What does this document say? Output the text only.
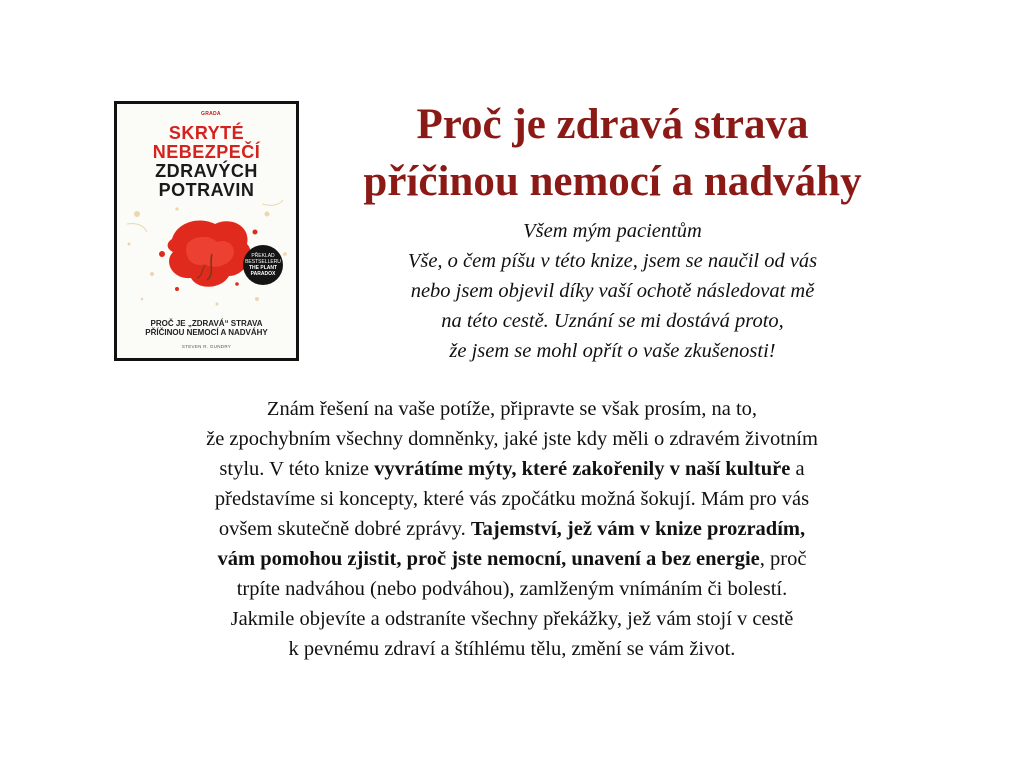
GRADA
SKRYTÉ
NEBEZPEČÍ
ZDRAVÝCH
POTRAVIN
PŘEKLAD
BESTSELLERU
THE PLANT
PARADOX
PROČ JE „ZDRAVÁ“ STRAVA
PŘÍČINOU NEMOCÍ A NADVÁHY
STEVEN R. GUNDRY
Proč je zdravá strava
příčinou nemocí a nadváhy
Všem mým pacientům
Vše, o čem píšu v této knize, jsem se naučil od vás
nebo jsem objevil díky vaší ochotě následovat mě
na této cestě. Uznání se mi dostává proto,
že jsem se mohl opřít o vaše zkušenosti!
Znám řešení na vaše potíže, připravte se však prosím, na to,
že zpochybním všechny domněnky, jaké jste kdy měli o zdravém životním
stylu. V této knize vyvrátíme mýty, které zakořenily v naší kultuře a
představíme si koncepty, které vás zpočátku možná šokují. Mám pro vás
ovšem skutečně dobré zprávy. Tajemství, jež vám v knize prozradím,
vám pomohou zjistit, proč jste nemocní, unavení a bez energie, proč
trpíte nadváhou (nebo podváhou), zamlženým vnímáním či bolestí.
Jakmile objevíte a odstraníte všechny překážky, jež vám stojí v cestě
k pevnému zdraví a štíhlému tělu, změní se vám život.
